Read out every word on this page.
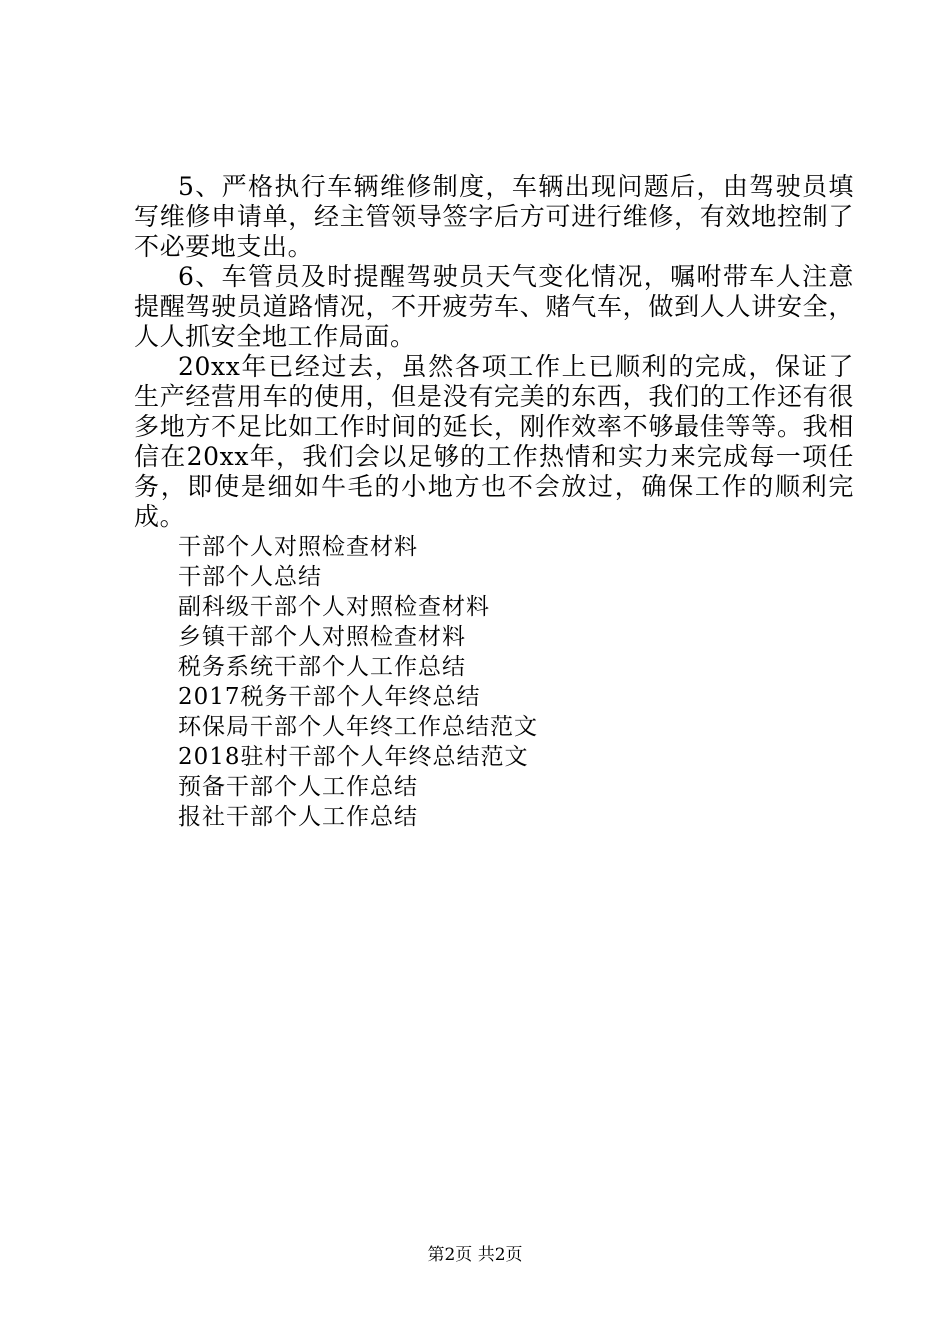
5、严格执行车辆维修制度，车辆出现问题后，由驾驶员填写维修申请单，经主管领导签字后方可进行维修，有效地控制了不必要地支出。

6、车管员及时提醒驾驶员天气变化情况，嘱咐带车人注意提醒驾驶员道路情况，不开疲劳车、赌气车，做到人人讲安全，人人抓安全地工作局面。

20xx年已经过去，虽然各项工作上已顺利的完成，保证了生产经营用车的使用，但是没有完美的东西，我们的工作还有很多地方不足比如工作时间的延长，刚作效率不够最佳等等。我相信在20xx年，我们会以足够的工作热情和实力来完成每一项任务，即使是细如牛毛的小地方也不会放过，确保工作的顺利完成。

干部个人对照检查材料
干部个人总结
副科级干部个人对照检查材料
乡镇干部个人对照检查材料
税务系统干部个人工作总结
2017税务干部个人年终总结
环保局干部个人年终工作总结范文
2018驻村干部个人年终总结范文
预备干部个人工作总结
报社干部个人工作总结
第2页 共2页
